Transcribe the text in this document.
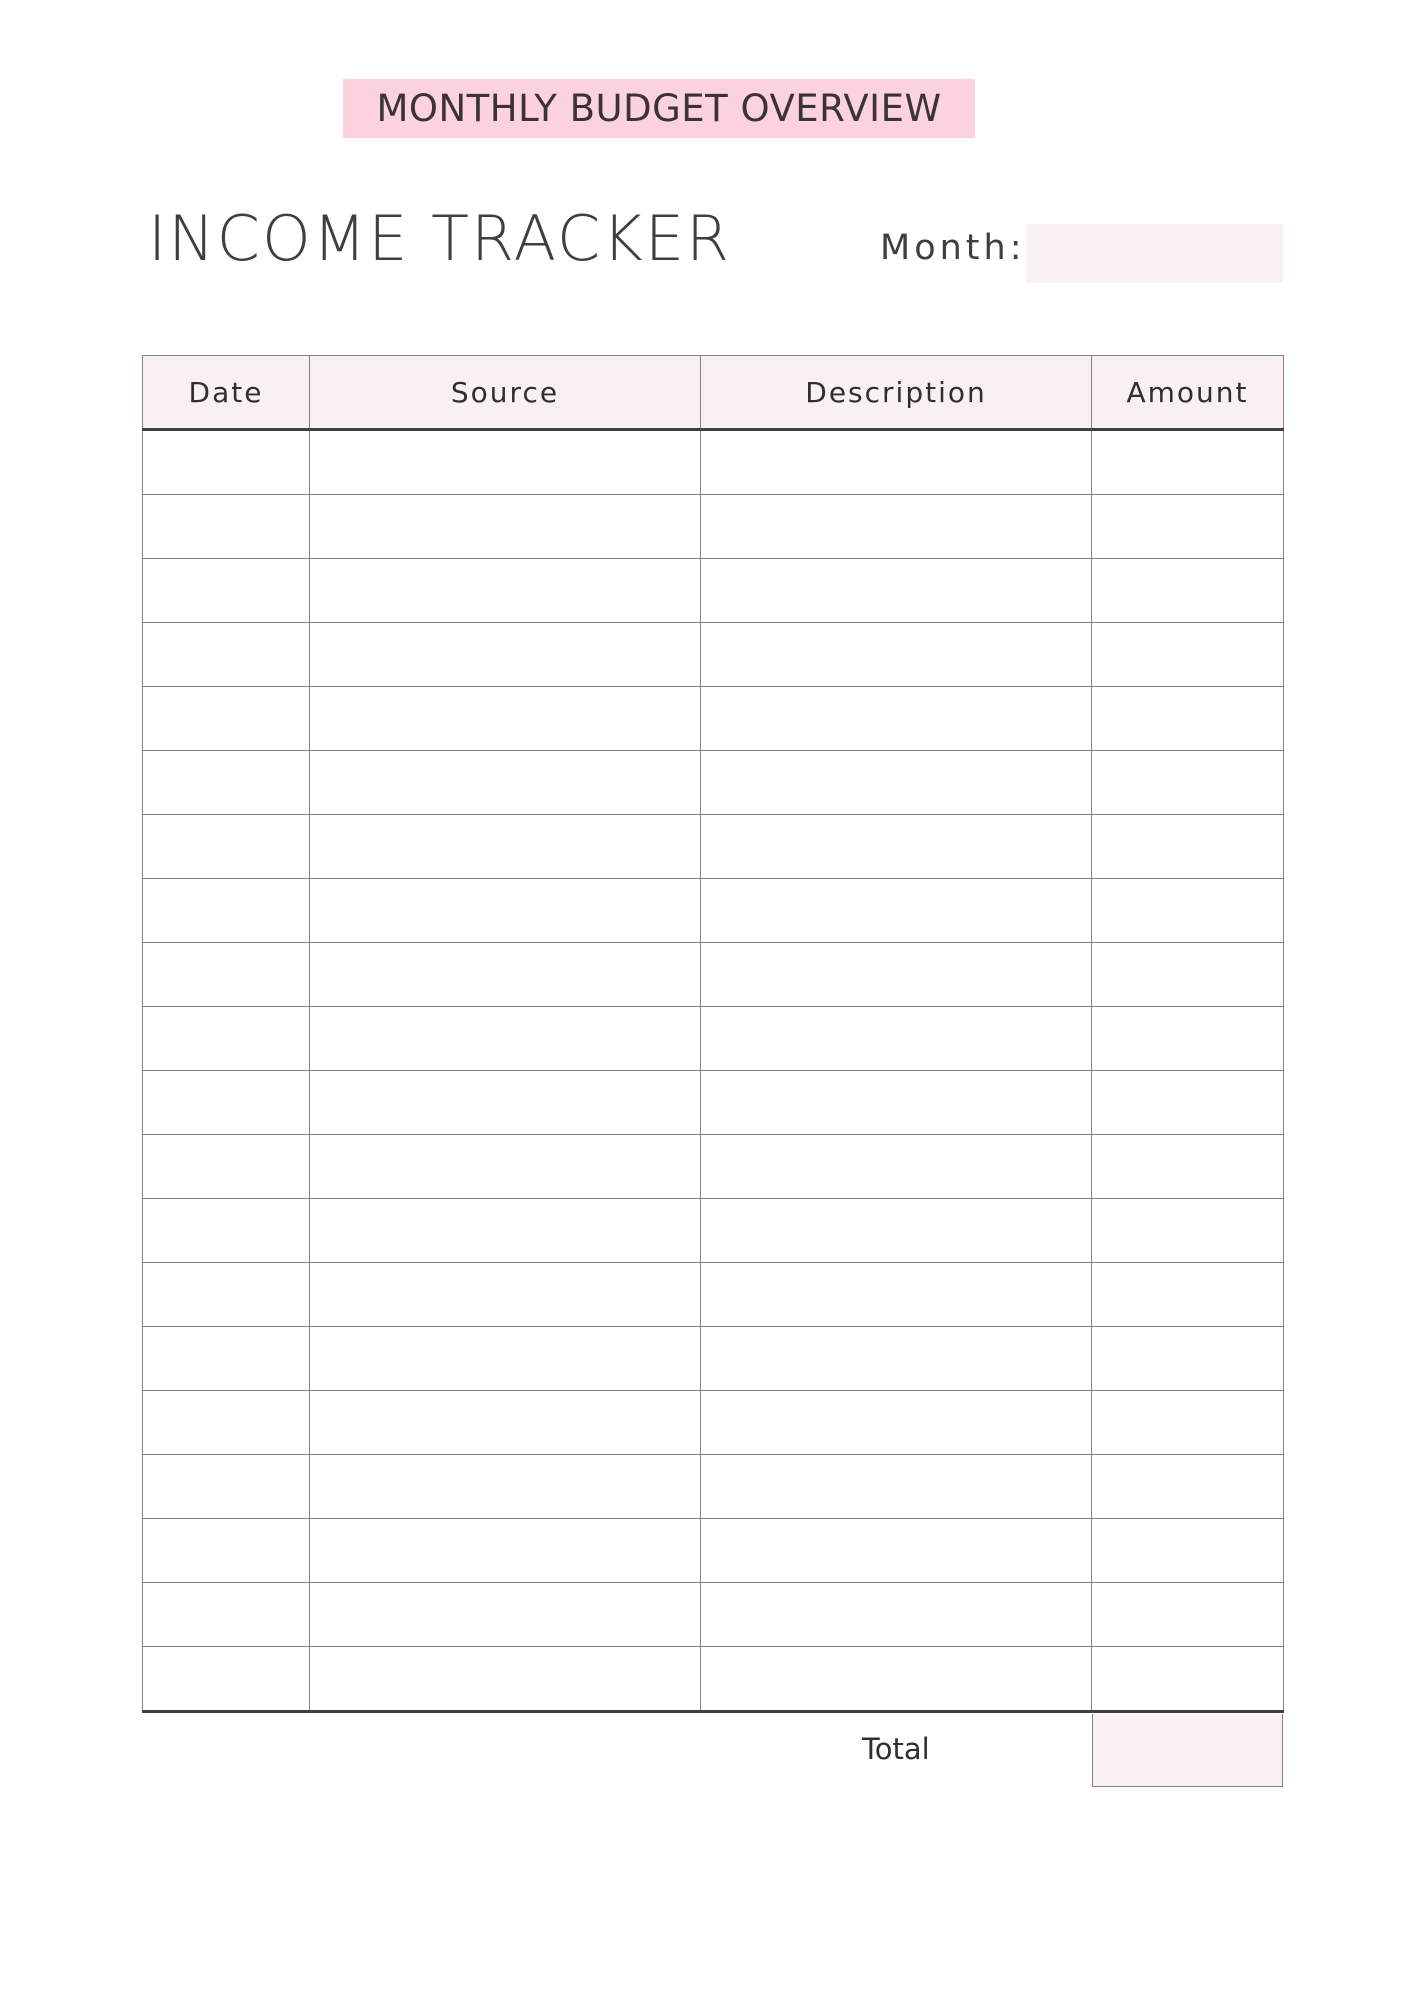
MONTHLY BUDGET OVERVIEW
INCOME TRACKER	Month:
Date	Source	Description	Amount

Total
